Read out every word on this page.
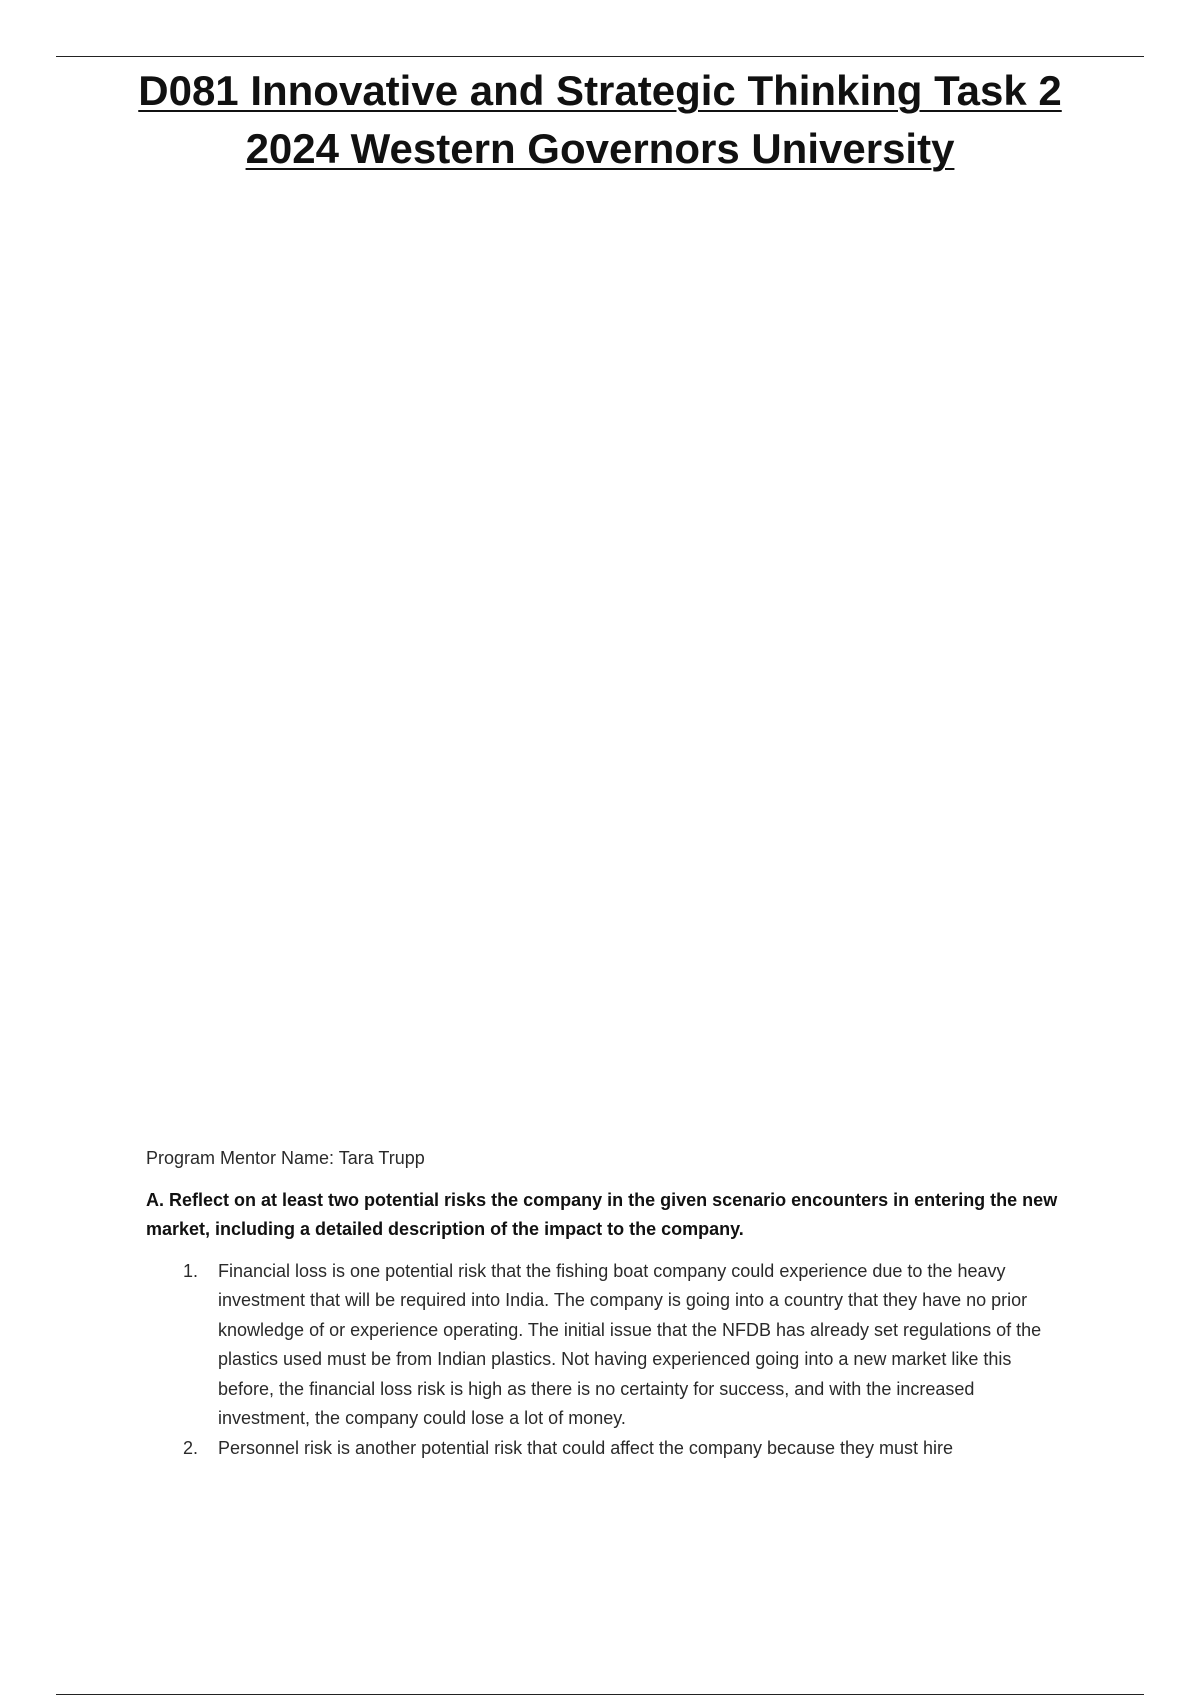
D081 Innovative and Strategic Thinking Task 2
2024 Western Governors University

Program Mentor Name: Tara Trupp

A. Reflect on at least two potential risks the company in the given scenario encounters in entering the new market, including a detailed description of the impact to the company.

1. Financial loss is one potential risk that the fishing boat company could experience due to the heavy investment that will be required into India. The company is going into a country that they have no prior knowledge of or experience operating. The initial issue that the NFDB has already set regulations of the plastics used must be from Indian plastics. Not having experienced going into a new market like this before, the financial loss risk is high as there is no certainty for success, and with the increased investment, the company could lose a lot of money.
2. Personnel risk is another potential risk that could affect the company because they must hire
